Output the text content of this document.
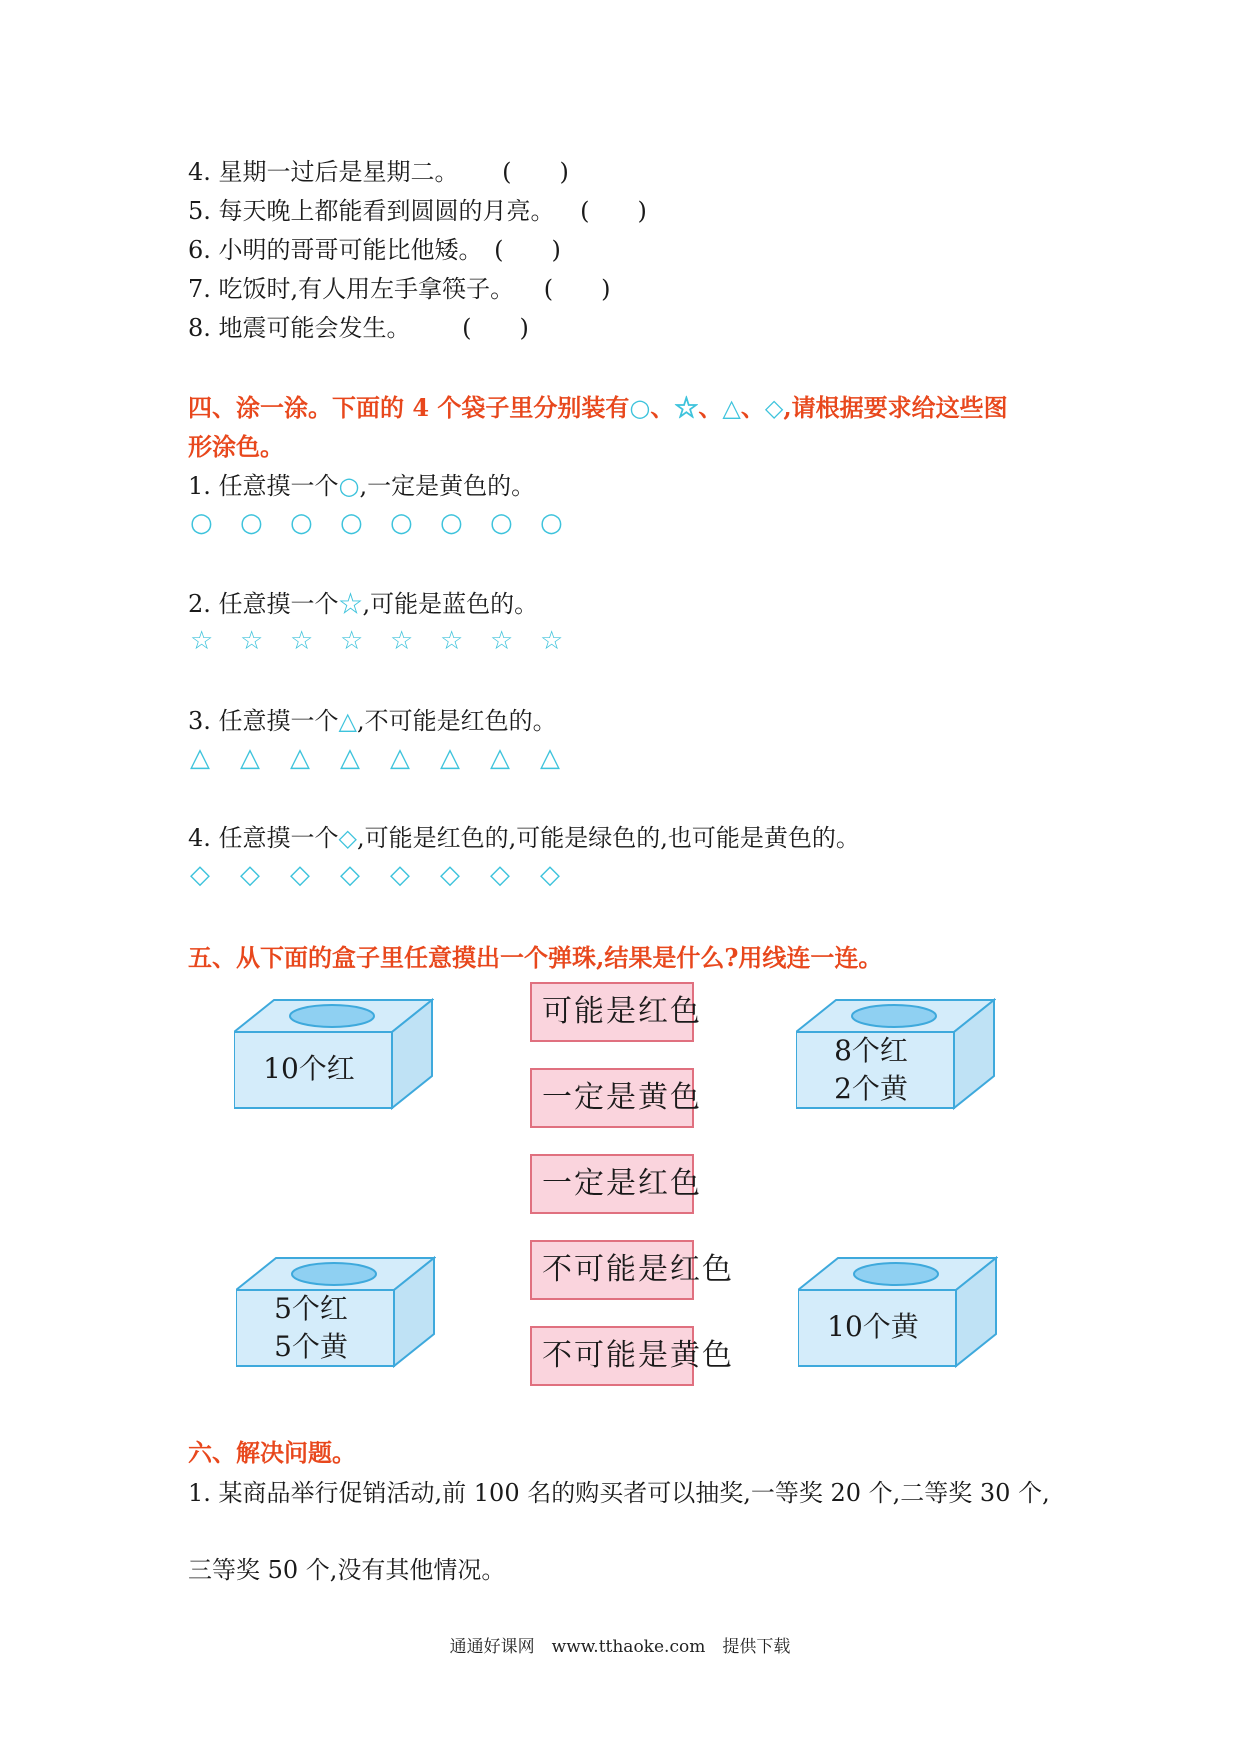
4. 星期一过后是星期二。 (　　)
5. 每天晚上都能看到圆圆的月亮。 (　　)
6. 小明的哥哥可能比他矮。 (　　)
7. 吃饭时,有人用左手拿筷子。 (　　)
8. 地震可能会发生。 (　　)
四、涂一涂。下面的 4 个袋子里分别装有○、☆、△、◇,请根据要求给这些图
形涂色。
1. 任意摸一个○,一定是黄色的。
○	○	○	○	○	○	○	○
2. 任意摸一个☆,可能是蓝色的。
☆	☆	☆	☆	☆	☆	☆	☆
3. 任意摸一个△,不可能是红色的。
△	△	△	△	△	△	△	△
4. 任意摸一个◇,可能是红色的,可能是绿色的,也可能是黄色的。
◇	◇	◇	◇	◇	◇	◇	◇
五、从下面的盒子里任意摸出一个弹珠,结果是什么?用线连一连。
10个红
8个红
2个黄
5个红
5个黄
10个黄
可能是红色
一定是黄色
一定是红色
不可能是红色
不可能是黄色
六、解决问题。
1. 某商品举行促销活动,前 100 名的购买者可以抽奖,一等奖 20 个,二等奖 30 个,
三等奖 50 个,没有其他情况。
通通好课网　www.tthaoke.com　提供下载
